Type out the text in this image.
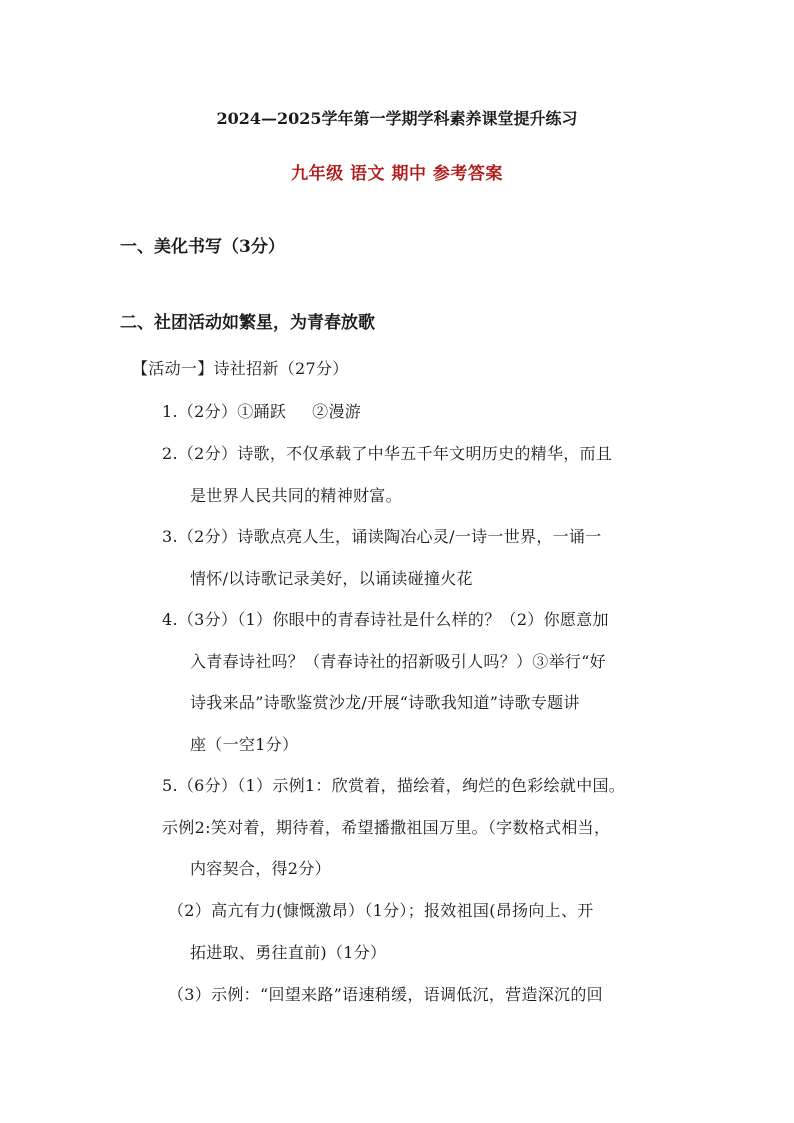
2024—2025学年第一学期学科素养课堂提升练习
九年级 语文 期中 参考答案
一、美化书写（3分）
二、社团活动如繁星，为青春放歌
【活动一】诗社招新（27分）
1.（2分）①踊跃 ②漫游
2.（2分）诗歌，不仅承载了中华五千年文明历史的精华，而且
是世界人民共同的精神财富。
3.（2分）诗歌点亮人生，诵读陶冶心灵/一诗一世界，一诵一
情怀/以诗歌记录美好，以诵读碰撞火花
4.（3分）（1）你眼中的青春诗社是什么样的？（2）你愿意加
入青春诗社吗？（青春诗社的招新吸引人吗？）③举行“好
诗我来品”诗歌鉴赏沙龙/开展“诗歌我知道”诗歌专题讲
座（一空1分）
5.（6分）（1）示例1：欣赏着，描绘着，绚烂的色彩绘就中国。
示例2:笑对着，期待着，希望播撒祖国万里。（字数格式相当，
内容契合，得2分）
（2）高亢有力(慷慨激昂）（1分）；报效祖国(昂扬向上、开
拓进取、勇往直前)（1分）
（3）示例：“回望来路”语速稍缓，语调低沉，营造深沉的回
